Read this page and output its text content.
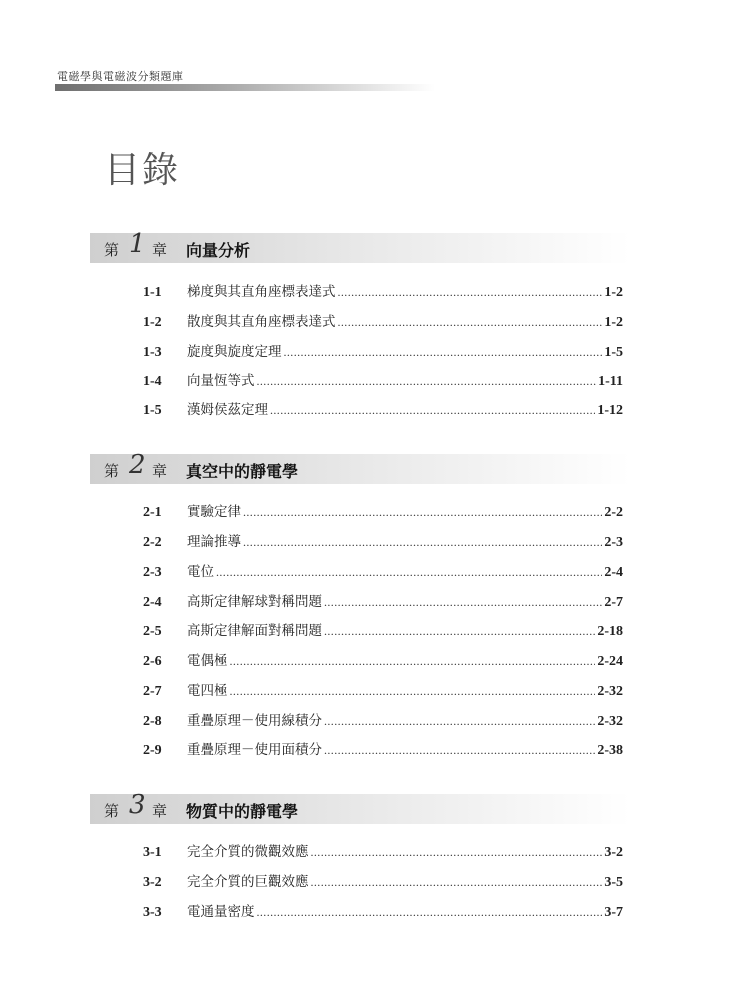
電磁學與電磁波分類題庫
目錄
第 1 章 向量分析
1-1	梯度與其直角座標表達式 .....	1-2
1-2	散度與其直角座標表達式 .....	1-2
1-3	旋度與旋度定理 .....	1-5
1-4	向量恆等式 .....	1-11
1-5	漢姆侯茲定理 .....	1-12
第 2 章 真空中的靜電學
2-1	實驗定律 .....	2-2
2-2	理論推導 .....	2-3
2-3	電位 .....	2-4
2-4	高斯定律解球對稱問題 .....	2-7
2-5	高斯定律解面對稱問題 .....	2-18
2-6	電偶極 .....	2-24
2-7	電四極 .....	2-32
2-8	重疊原理－使用線積分 .....	2-32
2-9	重疊原理－使用面積分 .....	2-38
第 3 章 物質中的靜電學
3-1	完全介質的微觀效應 .....	3-2
3-2	完全介質的巨觀效應 .....	3-5
3-3	電通量密度 .....	3-7
